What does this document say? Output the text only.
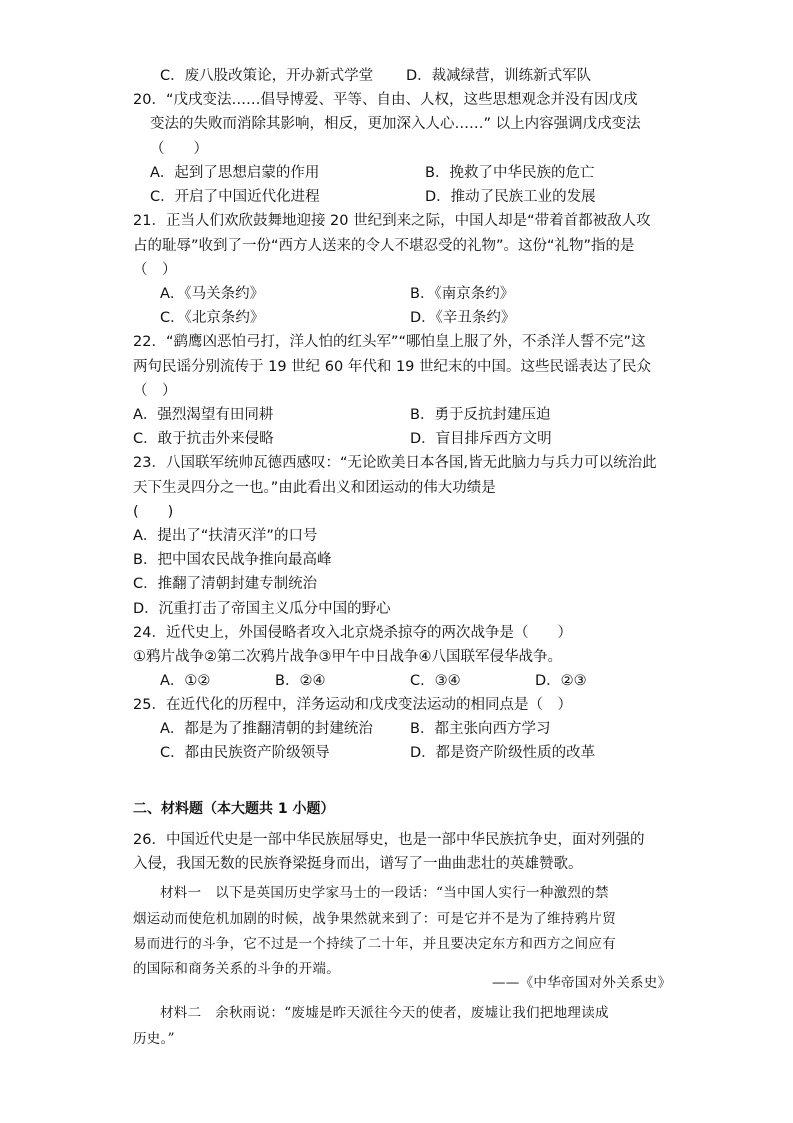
C．废八股改策论，开办新式学堂 D．裁减绿营，训练新式军队
20．“戊戌变法……倡导博爱、平等、自由、人权，这些思想观念并没有因戊戌
变法的失败而消除其影响，相反，更加深入人心……” 以上内容强调戊戌变法
（　　）
A．起到了思想启蒙的作用	B．挽救了中华民族的危亡
C．开启了中国近代化进程	D．推动了民族工业的发展
21．正当人们欢欣鼓舞地迎接 20 世纪到来之际，中国人却是“带着首都被敌人攻
占的耻辱”收到了一份“西方人送来的令人不堪忍受的礼物”。这份“礼物”指的是
（　）
A．《马关条约》	B．《南京条约》
C．《北京条约》	D．《辛丑条约》
22．“鹞鹰凶恶怕弓打，洋人怕的红头军”“哪怕皇上服了外，不杀洋人誓不完”这
两句民谣分别流传于 19 世纪 60 年代和 19 世纪末的中国。这些民谣表达了民众
（　）
A．强烈渴望有田同耕	B．勇于反抗封建压迫
C．敢于抗击外来侵略	D．盲目排斥西方文明
23．八国联军统帅瓦德西感叹：“无论欧美日本各国,皆无此脑力与兵力可以统治此
天下生灵四分之一也。”由此看出义和团运动的伟大功绩是
(　　)
A．提出了“扶清灭洋”的口号
B．把中国农民战争推向最高峰
C．推翻了清朝封建专制统治
D．沉重打击了帝国主义瓜分中国的野心
24．近代史上，外国侵略者攻入北京烧杀掠夺的两次战争是（　　）
①鸦片战争②第二次鸦片战争③甲午中日战争④八国联军侵华战争。
A．①②	B．②④	C．③④	D．②③
25．在近代化的历程中，洋务运动和戊戌变法运动的相同点是（　）
A．都是为了推翻清朝的封建统治	B．都主张向西方学习
C．都由民族资产阶级领导	D．都是资产阶级性质的改革
二、材料题（本大题共 1 小题）
26．中国近代史是一部中华民族屈辱史，也是一部中华民族抗争史，面对列强的
入侵，我国无数的民族脊梁挺身而出，谱写了一曲曲悲壮的英雄赞歌。
材料一　以下是英国历史学家马士的一段话：“当中国人实行一种激烈的禁
烟运动而使危机加剧的时候，战争果然就来到了：可是它并不是为了维持鸦片贸
易而进行的斗争，它不过是一个持续了二十年，并且要决定东方和西方之间应有
的国际和商务关系的斗争的开端。
——《中华帝国对外关系史》
材料二　余秋雨说：“废墟是昨天派往今天的使者，废墟让我们把地理读成
历史。”
